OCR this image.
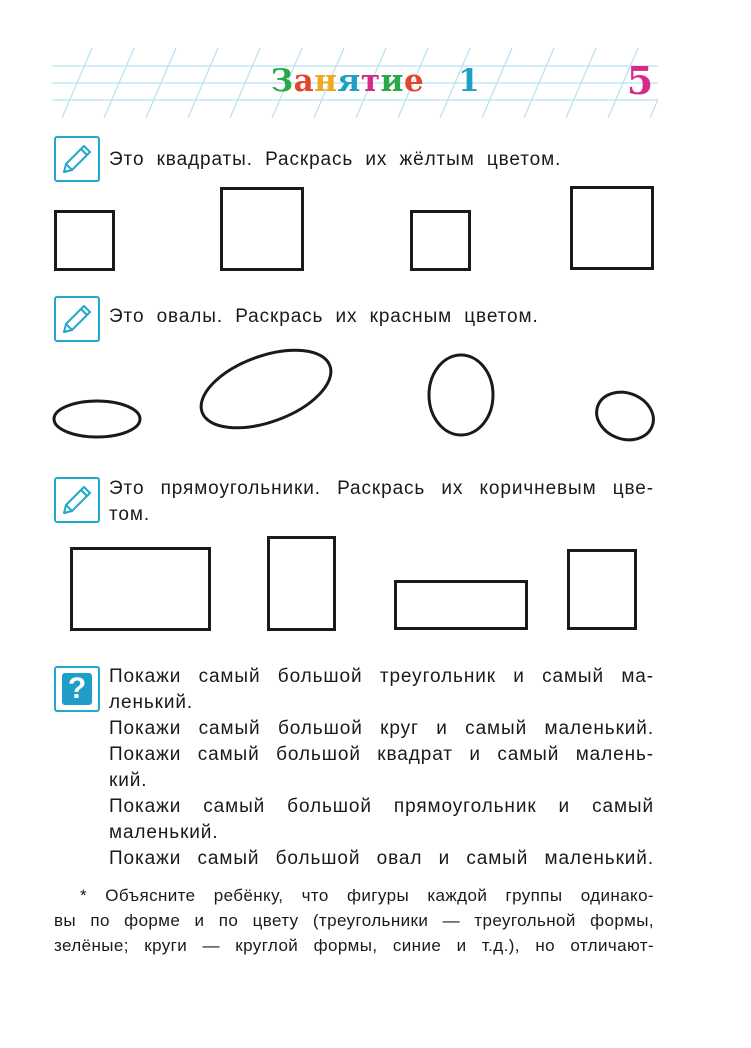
Занятие 1	5
Это квадраты. Раскрась их жёлтым цветом.
Это овалы. Раскрась их красным цветом.
Это прямоугольники. Раскрась их коричневым цве-
том.
?	Покажи самый большой треугольник и самый ма-
ленький.
Покажи самый большой круг и самый маленький.
Покажи самый большой квадрат и самый малень-
кий.
Покажи самый большой прямоугольник и самый
маленький.
Покажи самый большой овал и самый маленький.
* Объясните ребёнку, что фигуры каждой группы одинако-
вы по форме и по цвету (треугольники — треугольной формы,
зелёные; круги — круглой формы, синие и т.д.), но отличают-
